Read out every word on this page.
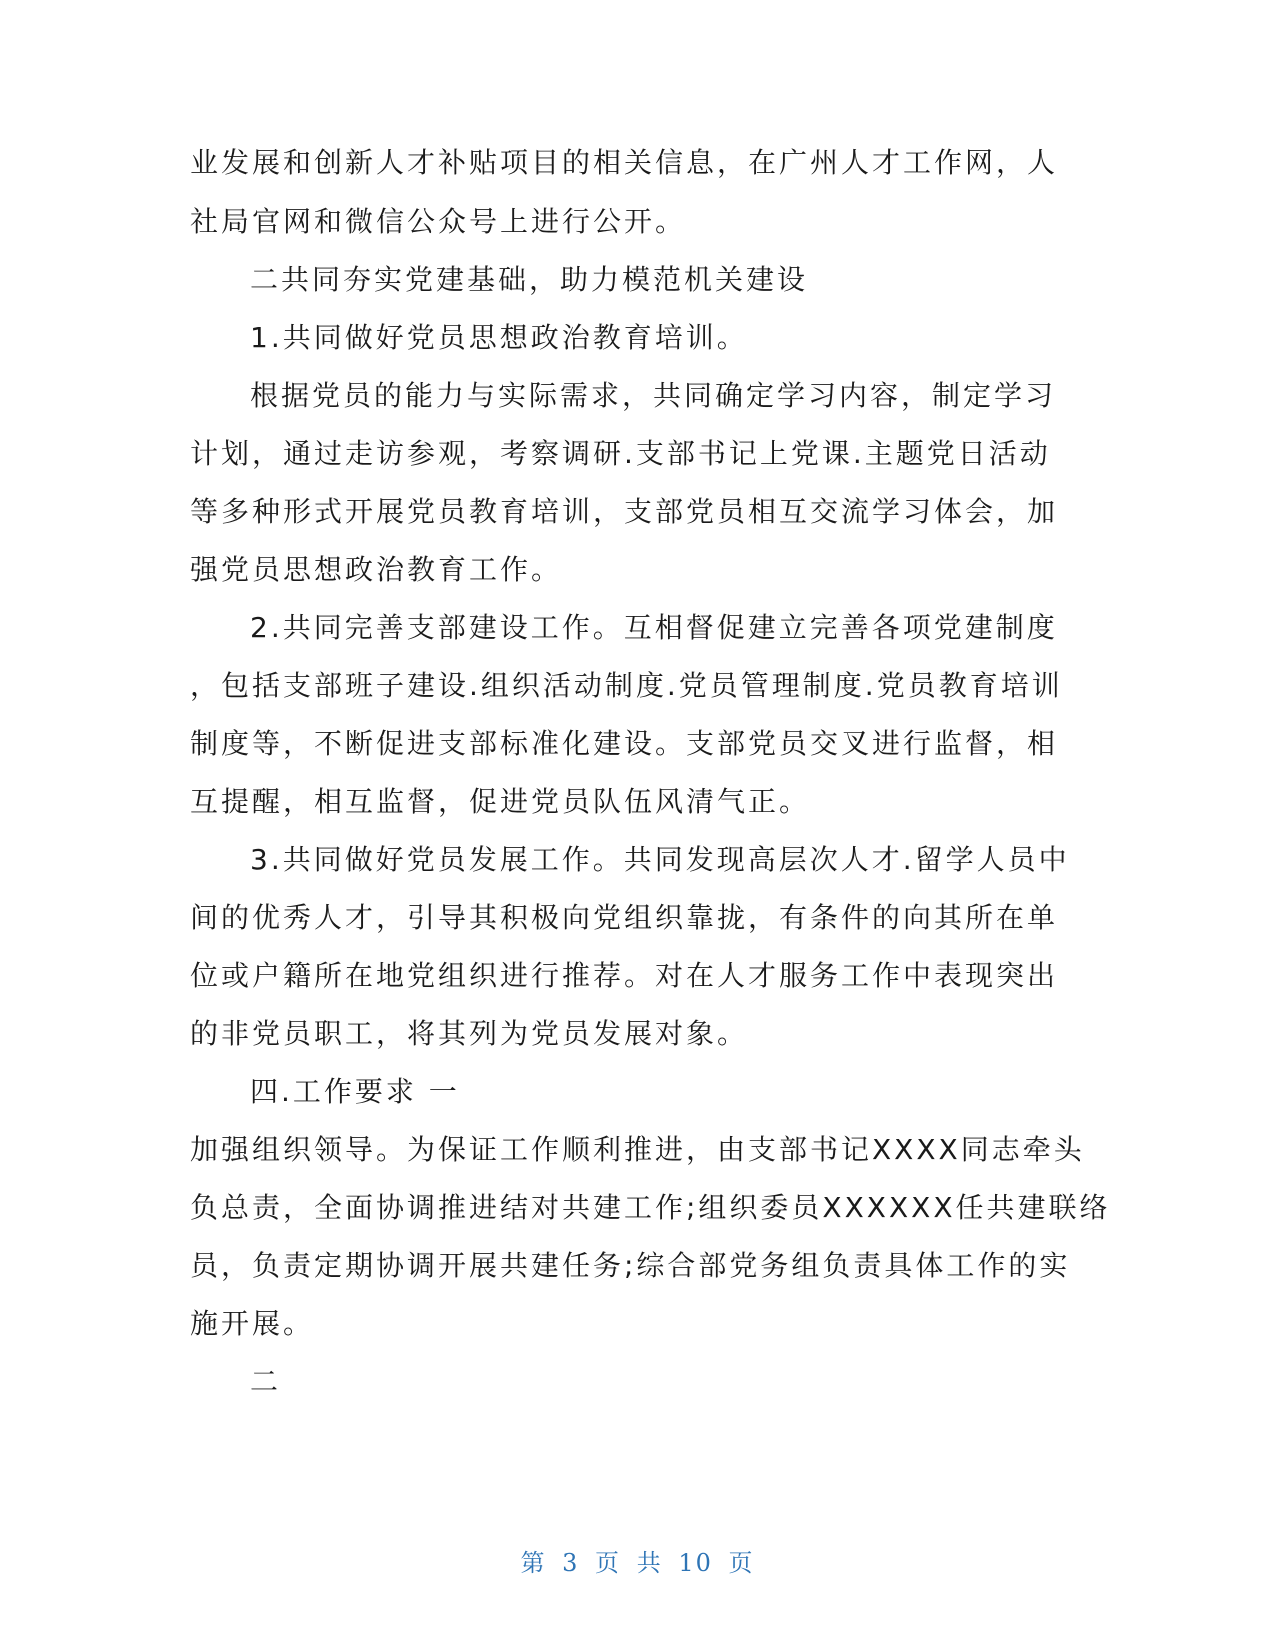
业发展和创新人才补贴项目的相关信息，在广州人才工作网，人
社局官网和微信公众号上进行公开。
二共同夯实党建基础，助力模范机关建设
1.共同做好党员思想政治教育培训。
根据党员的能力与实际需求，共同确定学习内容，制定学习
计划，通过走访参观，考察调研.支部书记上党课.主题党日活动
等多种形式开展党员教育培训，支部党员相互交流学习体会，加
强党员思想政治教育工作。
2.共同完善支部建设工作。互相督促建立完善各项党建制度
，包括支部班子建设.组织活动制度.党员管理制度.党员教育培训
制度等，不断促进支部标准化建设。支部党员交叉进行监督，相
互提醒，相互监督，促进党员队伍风清气正。
3.共同做好党员发展工作。共同发现高层次人才.留学人员中
间的优秀人才，引导其积极向党组织靠拢，有条件的向其所在单
位或户籍所在地党组织进行推荐。对在人才服务工作中表现突出
的非党员职工，将其列为党员发展对象。
四.工作要求 一
加强组织领导。为保证工作顺利推进，由支部书记XXXX同志牵头
负总责，全面协调推进结对共建工作;组织委员XXXXXX任共建联络
员，负责定期协调开展共建任务;综合部党务组负责具体工作的实
施开展。
二
第 3 页 共 10 页
